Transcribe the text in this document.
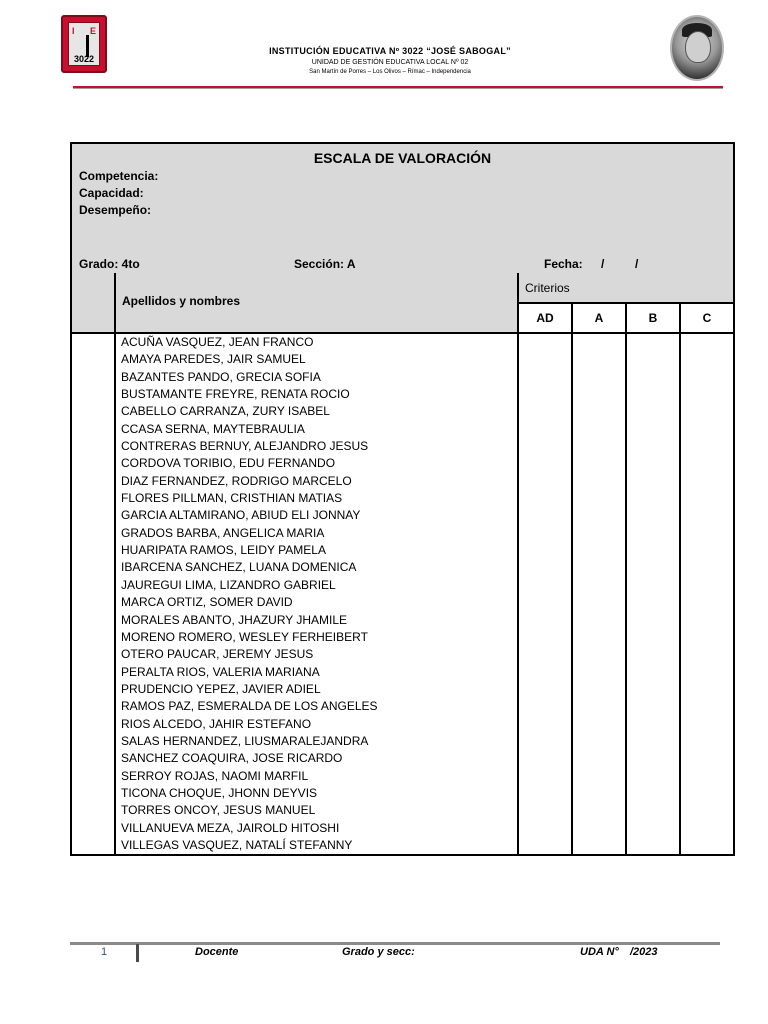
I E
3022
INSTITUCIÓN EDUCATIVA Nº 3022 “JOSÉ SABOGAL”
UNIDAD DE GESTIÓN EDUCATIVA LOCAL Nº 02
San Martín de Porres – Los Olivos – Rímac – Independencia
ESCALA DE VALORACIÓN
Competencia:
Capacidad:
Desempeño:
Grado: 4to	Sección: A	Fecha: /	/
Apellidos y nombres
Criterios
AD	A	B	C
ACUÑA VASQUEZ, JEAN FRANCO
AMAYA PAREDES, JAIR SAMUEL
BAZANTES PANDO, GRECIA SOFIA
BUSTAMANTE FREYRE, RENATA ROCIO
CABELLO CARRANZA, ZURY ISABEL
CCASA SERNA, MAYTEBRAULIA
CONTRERAS BERNUY, ALEJANDRO JESUS
CORDOVA TORIBIO, EDU FERNANDO
DIAZ FERNANDEZ, RODRIGO MARCELO
FLORES PILLMAN, CRISTHIAN MATIAS
GARCIA ALTAMIRANO, ABIUD ELI JONNAY
GRADOS BARBA, ANGELICA MARIA
HUARIPATA RAMOS, LEIDY PAMELA
IBARCENA SANCHEZ, LUANA DOMENICA
JAUREGUI LIMA, LIZANDRO GABRIEL
MARCA ORTIZ, SOMER DAVID
MORALES ABANTO, JHAZURY JHAMILE
MORENO ROMERO, WESLEY FERHEIBERT
OTERO PAUCAR, JEREMY JESUS
PERALTA RIOS, VALERIA MARIANA
PRUDENCIO YEPEZ, JAVIER ADIEL
RAMOS PAZ, ESMERALDA DE LOS ANGELES
RIOS ALCEDO, JAHIR ESTEFANO
SALAS HERNANDEZ, LIUSMARALEJANDRA
SANCHEZ COAQUIRA, JOSE RICARDO
SERROY ROJAS, NAOMI MARFIL
TICONA CHOQUE, JHONN DEYVIS
TORRES ONCOY, JESUS MANUEL
VILLANUEVA MEZA, JAIROLD HITOSHI
VILLEGAS VASQUEZ, NATALÍ STEFANNY
1	Docente	Grado y secc:	UDA N° /2023
